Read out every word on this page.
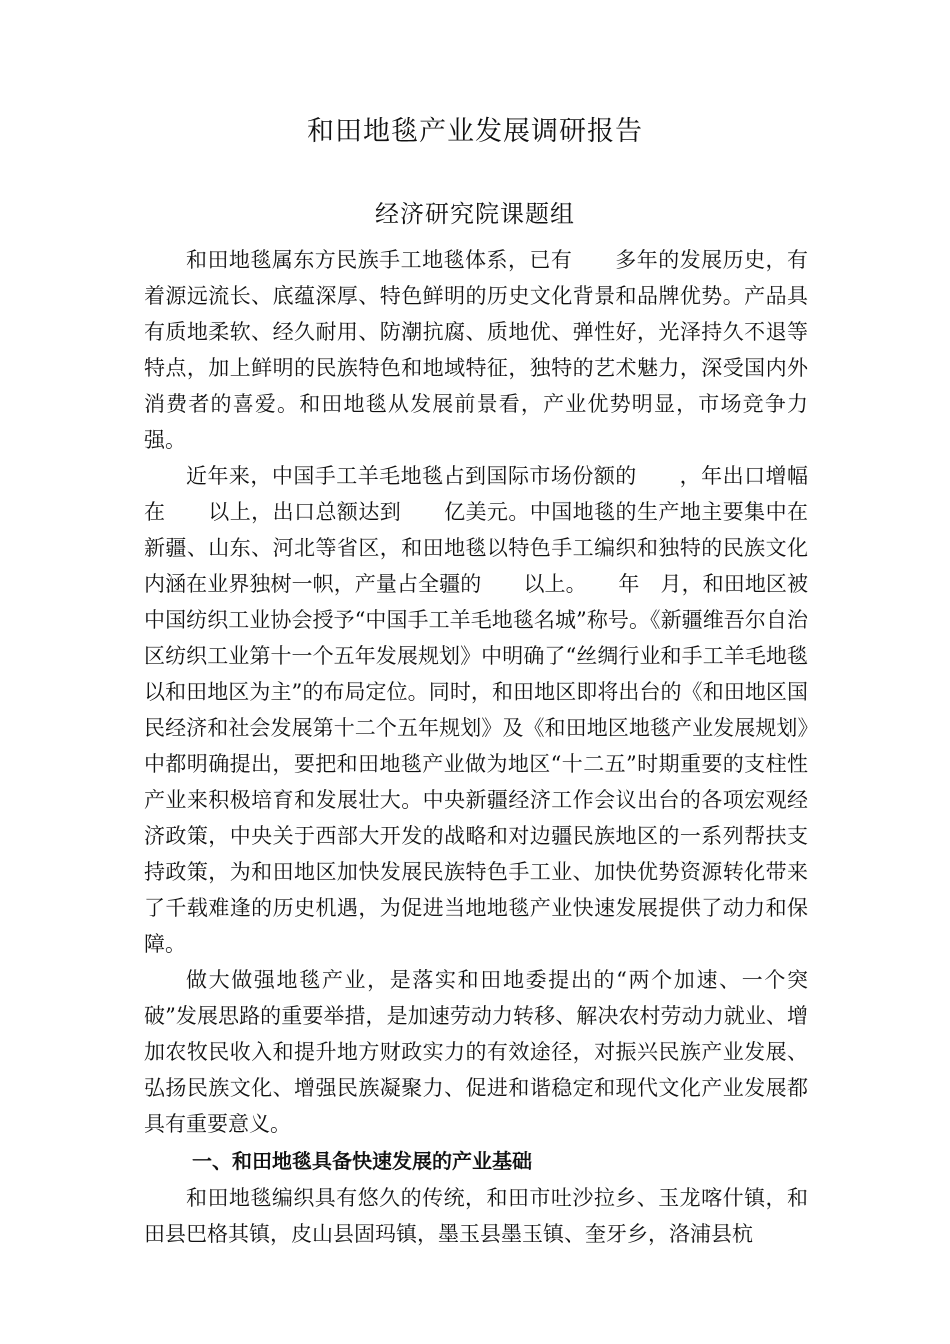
和田地毯产业发展调研报告
经济研究院课题组

和田地毯属东方民族手工地毯体系，已有　　多年的发展历史，有着源远流长、底蕴深厚、特色鲜明的历史文化背景和品牌优势。产品具有质地柔软、经久耐用、防潮抗腐、质地优、弹性好，光泽持久不退等特点，加上鲜明的民族特色和地域特征，独特的艺术魅力，深受国内外消费者的喜爱。和田地毯从发展前景看，产业优势明显，市场竞争力强。

近年来，中国手工羊毛地毯占到国际市场份额的　　，年出口增幅在　　以上，出口总额达到　　亿美元。中国地毯的生产地主要集中在新疆、山东、河北等省区，和田地毯以特色手工编织和独特的民族文化内涵在业界独树一帜，产量占全疆的　　以上。　　年　月，和田地区被中国纺织工业协会授予“中国手工羊毛地毯名城”称号。《新疆维吾尔自治区纺织工业第十一个五年发展规划》中明确了“丝绸行业和手工羊毛地毯以和田地区为主”的布局定位。同时，和田地区即将出台的《和田地区国民经济和社会发展第十二个五年规划》及《和田地区地毯产业发展规划》中都明确提出，要把和田地毯产业做为地区“十二五”时期重要的支柱性产业来积极培育和发展壮大。中央新疆经济工作会议出台的各项宏观经济政策，中央关于西部大开发的战略和对边疆民族地区的一系列帮扶支持政策，为和田地区加快发展民族特色手工业、加快优势资源转化带来了千载难逢的历史机遇，为促进当地地毯产业快速发展提供了动力和保障。

做大做强地毯产业，是落实和田地委提出的“两个加速、一个突破”发展思路的重要举措，是加速劳动力转移、解决农村劳动力就业、增加农牧民收入和提升地方财政实力的有效途径，对振兴民族产业发展、弘扬民族文化、增强民族凝聚力、促进和谐稳定和现代文化产业发展都具有重要意义。

一、和田地毯具备快速发展的产业基础

和田地毯编织具有悠久的传统，和田市吐沙拉乡、玉龙喀什镇，和田县巴格其镇，皮山县固玛镇，墨玉县墨玉镇、奎牙乡，洛浦县杭
